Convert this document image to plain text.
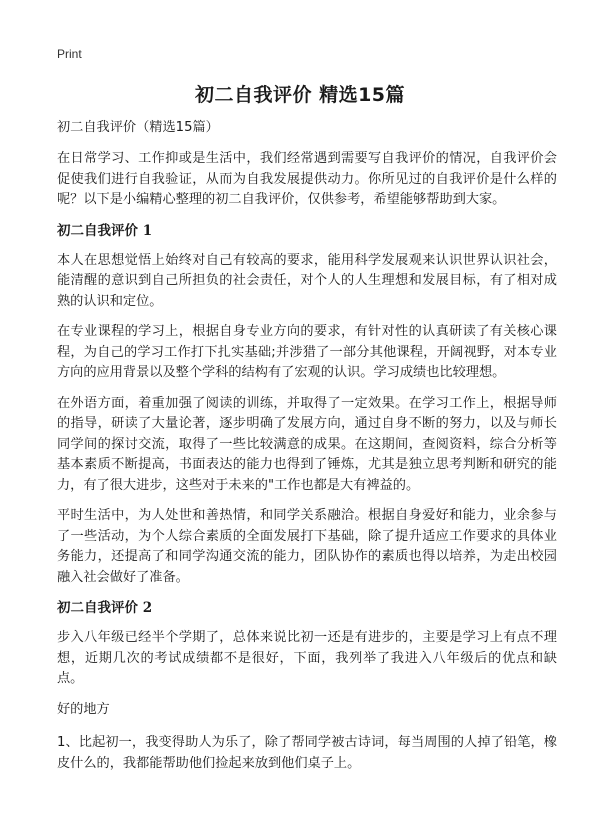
Print
初二自我评价 精选15篇

初二自我评价（精选15篇）

在日常学习、工作抑或是生活中，我们经常遇到需要写自我评价的情况，自我评价会促使我们进行自我验证，从而为自我发展提供动力。你所见过的自我评价是什么样的呢？以下是小编精心整理的初二自我评价，仅供参考，希望能够帮助到大家。

初二自我评价 1

本人在思想觉悟上始终对自己有较高的要求，能用科学发展观来认识世界认识社会，能清醒的意识到自己所担负的社会责任，对个人的人生理想和发展目标，有了相对成熟的认识和定位。

在专业课程的学习上，根据自身专业方向的要求，有针对性的认真研读了有关核心课程，为自己的学习工作打下扎实基础;并涉猎了一部分其他课程，开阔视野，对本专业方向的应用背景以及整个学科的结构有了宏观的认识。学习成绩也比较理想。

在外语方面，着重加强了阅读的训练，并取得了一定效果。在学习工作上，根据导师的指导，研读了大量论著，逐步明确了发展方向，通过自身不断的努力，以及与师长同学间的探讨交流，取得了一些比较满意的成果。在这期间，查阅资料，综合分析等基本素质不断提高，书面表达的能力也得到了锤炼，尤其是独立思考判断和研究的能力，有了很大进步，这些对于未来的"工作也都是大有裨益的。

平时生活中，为人处世和善热情，和同学关系融洽。根据自身爱好和能力，业余参与了一些活动，为个人综合素质的全面发展打下基础，除了提升适应工作要求的具体业务能力，还提高了和同学沟通交流的能力，团队协作的素质也得以培养，为走出校园融入社会做好了准备。

初二自我评价 2

步入八年级已经半个学期了，总体来说比初一还是有进步的，主要是学习上有点不理想，近期几次的考试成绩都不是很好，下面，我列举了我进入八年级后的优点和缺点。

好的地方

1、比起初一，我变得助人为乐了，除了帮同学被古诗词，每当周围的人掉了铅笔，橡皮什么的，我都能帮助他们捡起来放到他们桌子上。
